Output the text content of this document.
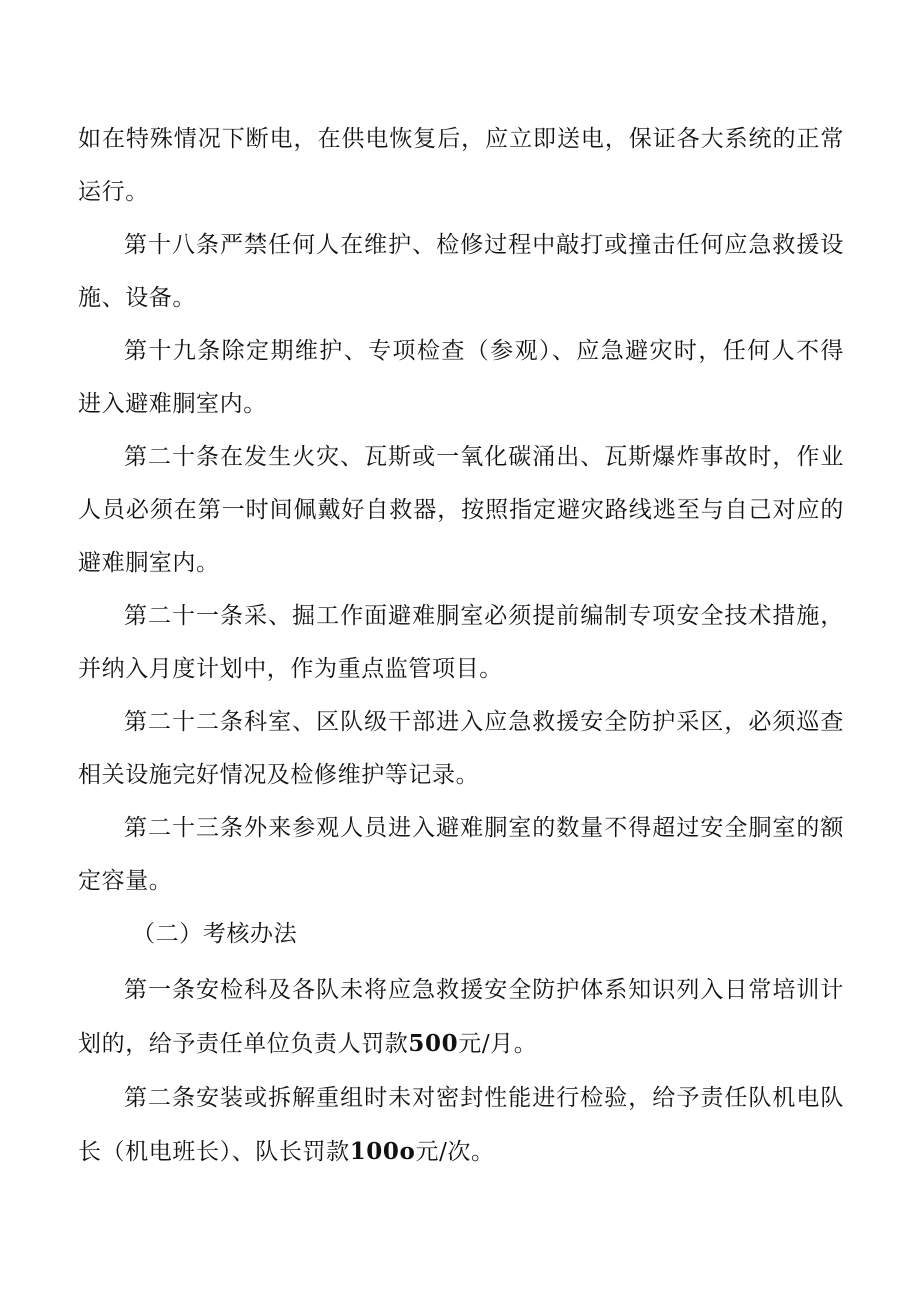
如在特殊情况下断电，在供电恢复后，应立即送电，保证各大系统的正常运行。

第十八条严禁任何人在维护、检修过程中敲打或撞击任何应急救援设施、设备。

第十九条除定期维护、专项检查（参观）、应急避灾时，任何人不得进入避难胴室内。

第二十条在发生火灾、瓦斯或一氧化碳涌出、瓦斯爆炸事故时，作业人员必须在第一时间佩戴好自救器，按照指定避灾路线逃至与自己对应的避难胴室内。

第二十一条采、掘工作面避难胴室必须提前编制专项安全技术措施，并纳入月度计划中，作为重点监管项目。

第二十二条科室、区队级干部进入应急救援安全防护采区，必须巡查相关设施完好情况及检修维护等记录。

第二十三条外来参观人员进入避难胴室的数量不得超过安全胴室的额定容量。

（二）考核办法

第一条安检科及各队未将应急救援安全防护体系知识列入日常培训计划的，给予责任单位负责人罚款500元/月。

第二条安装或拆解重组时未对密封性能进行检验，给予责任队机电队长（机电班长）、队长罚款100o元/次。
